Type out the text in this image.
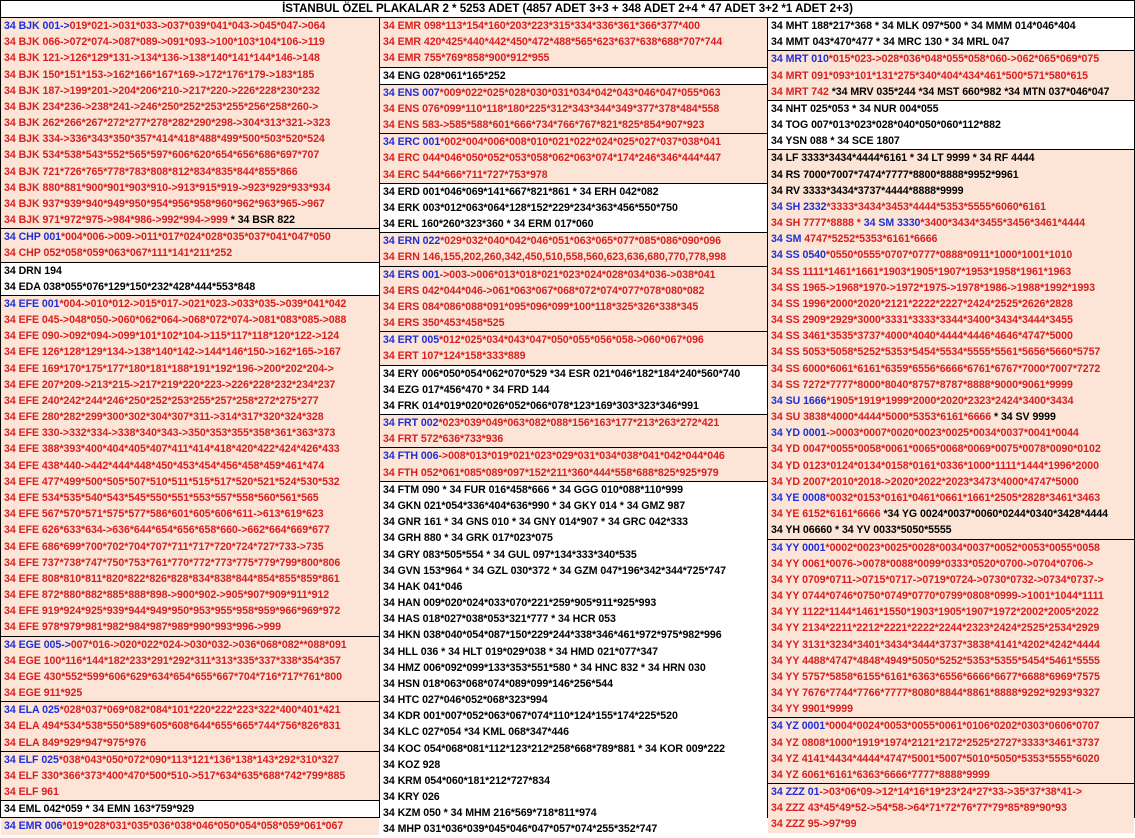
İSTANBUL ÖZEL PLAKALAR 2 * 5253 ADET (4857 ADET 3+3 + 348 ADET 2+4 * 47 ADET 3+2 *1 ADET 2+3)
34 BJK 001->019*021->031*033->037*039*041*043->045*047->064
34 BJK 066->072*074->087*089->091*093->100*103*104*106->119
34 BJK 121->126*129*131->134*136->138*140*141*144*146->148
34 BJK 150*151*153->162*166*167*169->172*176*179->183*185
34 BJK 187->199*201->204*206*210->217*220->226*228*230*232
34 BJK 234*236->238*241->246*250*252*253*255*256*258*260->
34 BJK 262*266*267*272*277*278*282*290*298->304*313*321->323
34 BJK 334->336*343*350*357*414*418*488*499*500*503*520*524
34 BJK 534*538*543*552*565*597*606*620*654*656*686*697*707
34 BJK 721*726*765*778*783*808*812*834*835*844*855*866
34 BJK 880*881*900*901*903*910->913*915*919->923*929*933*934
34 BJK 937*939*940*949*950*954*956*958*960*962*963*965->967
34 BJK 971*972*975->984*986->992*994->999 * 34 BSR 822
34 CHP 001*004*006->009->011*017*024*028*035*037*041*047*050
34 CHP 052*058*059*063*067*111*141*211*252
34 DRN 194
34 EDA 038*055*076*129*150*232*428*444*553*848
34 EFE 001*004->010*012->015*017->021*023->033*035->039*041*042
34 EFE 045->048*050->060*062*064->068*072*074->081*083*085->088
34 EFE 090->092*094->099*101*102*104->115*117*118*120*122->124
34 EFE 126*128*129*134->138*140*142->144*146*150->162*165->167
34 EFE 169*170*175*177*180*181*188*191*192*196->200*202*204->
34 EFE 207*209->213*215->217*219*220*223->226*228*232*234*237
34 EFE 240*242*244*246*250*252*253*255*257*258*272*275*277
34 EFE 280*282*299*300*302*304*307*311->314*317*320*324*328
34 EFE 330->332*334->338*340*343->350*353*355*358*361*363*373
34 EFE 388*393*400*404*405*407*411*414*418*420*422*424*426*433
34 EFE 438*440->442*444*448*450*453*454*456*458*459*461*474
34 EFE 477*499*500*505*507*510*511*515*517*520*521*524*530*532
34 EFE 534*535*540*543*545*550*551*553*557*558*560*561*565
34 EFE 567*570*571*575*577*586*601*605*606*611->613*619*623
34 EFE 626*633*634->636*644*654*656*658*660->662*664*669*677
34 EFE 686*699*700*702*704*707*711*717*720*724*727*733->735
34 EFE 737*738*747*750*753*761*770*772*773*775*779*799*800*806
34 EFE 808*810*811*820*822*826*828*834*838*844*854*855*859*861
34 EFE 872*880*882*885*888*898->900*902->905*907*909*911*912
34 EFE 919*924*925*939*944*949*950*953*955*958*959*966*969*972
34 EFE 978*979*981*982*984*987*989*990*993*996->999
34 EGE 005->007*016->020*022*024->030*032->036*068*082**088*091
34 EGE 100*116*144*182*233*291*292*311*313*335*337*338*354*357
34 EGE 430*552*599*606*629*634*654*655*667*704*716*717*761*800
34 EGE 911*925
34 ELA 025*028*037*069*082*084*101*220*222*223*322*400*401*421
34 ELA 494*534*538*550*589*605*608*644*655*665*744*756*826*831
34 ELA 849*929*947*975*976
34 ELF 025*038*043*050*072*090*113*121*136*138*143*292*310*327
34 ELF 330*366*373*400*470*500*510->517*634*635*688*742*799*885
34 ELF 961
34 EML 042*059 * 34 EMN 163*759*929
34 EMR 006*019*028*031*035*036*038*046*050*054*058*059*061*067
34 EMR 098*113*154*160*203*223*315*334*336*361*366*377*400
34 EMR 420*425*440*442*450*472*488*565*623*637*638*688*707*744
34 EMR 755*769*858*900*912*955
34 ENG 028*061*165*252
34 ENS 007*009*022*025*028*030*031*034*042*043*046*047*055*063
34 ENS 076*099*110*118*180*225*312*343*344*349*377*378*484*558
34 ENS 583->585*588*601*666*734*766*767*821*825*854*907*923
34 ERC 001*002*004*006*008*010*021*022*024*025*027*037*038*041
34 ERC 044*046*050*052*053*058*062*063*074*174*246*346*444*447
34 ERC 544*666*711*727*753*978
34 ERD 001*046*069*141*667*821*861 * 34 ERH 042*082
34 ERK 003*012*063*064*128*152*229*234*363*456*550*750
34 ERL 160*260*323*360 * 34 ERM 017*060
34 ERN 022*029*032*040*042*046*051*063*065*077*085*086*090*096
34 ERN 146,155,202,260,342,450,510,558,560,623,636,680,770,778,998
34 ERS 001->003->006*013*018*021*023*024*028*034*036->038*041
34 ERS 042*044*046->061*063*067*068*072*074*077*078*080*082
34 ERS 084*086*088*091*095*096*099*100*118*325*326*338*345
34 ERS 350*453*458*525
34 ERT 005*012*025*034*043*047*050*055*056*058->060*067*096
34 ERT 107*124*158*333*889
34 ERY 006*050*054*062*070*529 *34 ESR 021*046*182*184*240*560*740
34 EZG 017*456*470 * 34 FRD 144
34 FRK 014*019*020*026*052*066*078*123*169*303*323*346*991
34 FRT 002*023*039*049*063*082*088*156*163*177*213*263*272*421
34 FRT 572*636*733*936
34 FTH 006->008*013*019*021*023*029*031*034*038*041*042*044*046
34 FTH 052*061*085*089*097*152*211*360*444*558*688*825*925*979
34 FTM 090 * 34 FUR 016*458*666 * 34 GGG 010*088*110*999
34 GKN 021*054*336*404*636*990 * 34 GKY 014 * 34 GMZ 987
34 GNR 161 * 34 GNS 010 * 34 GNY 014*907 * 34 GRC 042*333
34 GRH 880 * 34 GRK 017*023*075
34 GRY 083*505*554 * 34 GUL 097*134*333*340*535
34 GVN 153*964 * 34 GZL 030*372 * 34 GZM 047*196*342*344*725*747
34 HAK 041*046
34 HAN 009*020*024*033*070*221*259*905*911*925*993
34 HAS 018*027*038*053*321*777 * 34 HCR 053
34 HKN 038*040*054*087*150*229*244*338*346*461*972*975*982*996
34 HLL 036 * 34 HLT 019*029*038 * 34 HMD 021*077*347
34 HMZ 006*092*099*133*353*551*580 * 34 HNC 832 * 34 HRN 030
34 HSN 018*063*068*074*089*099*146*256*544
34 HTC 027*046*052*068*323*994
34 KDR 001*007*052*063*067*074*110*124*155*174*225*520
34 KLC 027*054 *34 KML 068*347*446
34 KOC 054*068*081*112*123*212*258*668*789*881 * 34 KOR 009*222
34 KOZ 928
34 KRM 054*060*181*212*727*834
34 KRY 026
34 KZM 050 * 34 MHM 216*569*718*811*974
34 MHP 031*036*039*045*046*047*057*074*255*352*747
34 MHT 188*217*368 * 34 MLK 097*500 * 34 MMM 014*046*404
34 MMT 043*470*477 * 34 MRC 130 * 34 MRL 047
34 MRT 010*015*023->028*036*048*055*058*060->062*065*069*075
34 MRT 091*093*101*131*275*340*404*434*461*500*571*580*615
34 MRT 742 *34 MRV 035*244 *34 MST 660*982 *34 MTN 037*046*047
34 NHT 025*053 * 34 NUR 004*055
34 TOG 007*013*023*028*040*050*060*112*882
34 YSN 088 * 34 SCE 1807
34 LF 3333*3434*4444*6161 * 34 LT 9999 * 34 RF 4444
34 RS 7000*7007*7474*7777*8800*8888*9952*9961
34 RV 3333*3434*3737*4444*8888*9999
34 SH 2332*3333*3434*3453*4444*5353*5555*6060*6161
34 SH 7777*8888 * 34 SM 3330*3400*3434*3455*3456*3461*4444
34 SM 4747*5252*5353*6161*6666
34 SS 0540*0550*0555*0707*0777*0888*0911*1000*1001*1010
34 SS 1111*1461*1661*1903*1905*1907*1953*1958*1961*1963
34 SS 1965->1968*1970->1972*1975->1978*1986->1988*1992*1993
34 SS 1996*2000*2020*2121*2222*2227*2424*2525*2626*2828
34 SS 2909*2929*3000*3331*3333*3344*3400*3434*3444*3455
34 SS 3461*3535*3737*4000*4040*4444*4446*4646*4747*5000
34 SS 5053*5058*5252*5353*5454*5534*5555*5561*5656*5660*5757
34 SS 6000*6061*6161*6359*6556*6666*6761*6767*7000*7007*7272
34 SS 7272*7777*8000*8040*8757*8787*8888*9000*9061*9999
34 SU 1666*1905*1919*1999*2000*2020*2323*2424*3400*3434
34 SU 3838*4000*4444*5000*5353*6161*6666 * 34 SV 9999
34 YD 0001->0003*0007*0020*0023*0025*0034*0037*0041*0044
34 YD 0047*0055*0058*0061*0065*0068*0069*0075*0078*0090*0102
34 YD 0123*0124*0134*0158*0161*0336*1000*1111*1444*1996*2000
34 YD 2007*2010*2018->2020*2022*2023*3473*4000*4747*5000
34 YE 0008*0032*0153*0161*0461*0661*1661*2505*2828*3461*3463
34 YE 6152*6161*6666 *34 YG 0024*0037*0060*0244*0340*3428*4444
34 YH 06660 * 34 YV 0033*5050*5555
34 YY 0001*0002*0023*0025*0028*0034*0037*0052*0053*0055*0058
34 YY 0061*0076->0078*0088*0099*0333*0520*0700->0704*0706->
34 YY 0709*0711->0715*0717->0719*0724->0730*0732->0734*0737->
34 YY 0744*0746*0750*0749*0770*0799*0808*0999->1001*1044*1111
34 YY 1122*1144*1461*1550*1903*1905*1907*1972*2002*2005*2022
34 YY 2134*2211*2212*2221*2222*2244*2323*2424*2525*2534*2929
34 YY 3131*3234*3401*3434*3444*3737*3838*4141*4202*4242*4444
34 YY 4488*4747*4848*4949*5050*5252*5353*5355*5454*5461*5555
34 YY 5757*5858*6155*6161*6363*6556*6666*6677*6688*6969*7575
34 YY 7676*7744*7766*7777*8080*8844*8861*8888*9292*9293*9327
34 YY 9901*9999
34 YZ 0001*0004*0024*0053*0055*0061*0106*0202*0303*0606*0707
34 YZ 0808*1000*1919*1974*2121*2172*2525*2727*3333*3461*3737
34 YZ 4141*4434*4444*4747*5001*5007*5010*5050*5353*5555*6020
34 YZ 6061*6161*6363*6666*7777*8888*9999
34 ZZZ 01->03*06*09->12*14*16*19*23*24*27*33->35*37*38*41->
34 ZZZ 43*45*49*52->54*58->64*71*72*76*77*79*85*89*90*93
34 ZZZ 95->97*99
